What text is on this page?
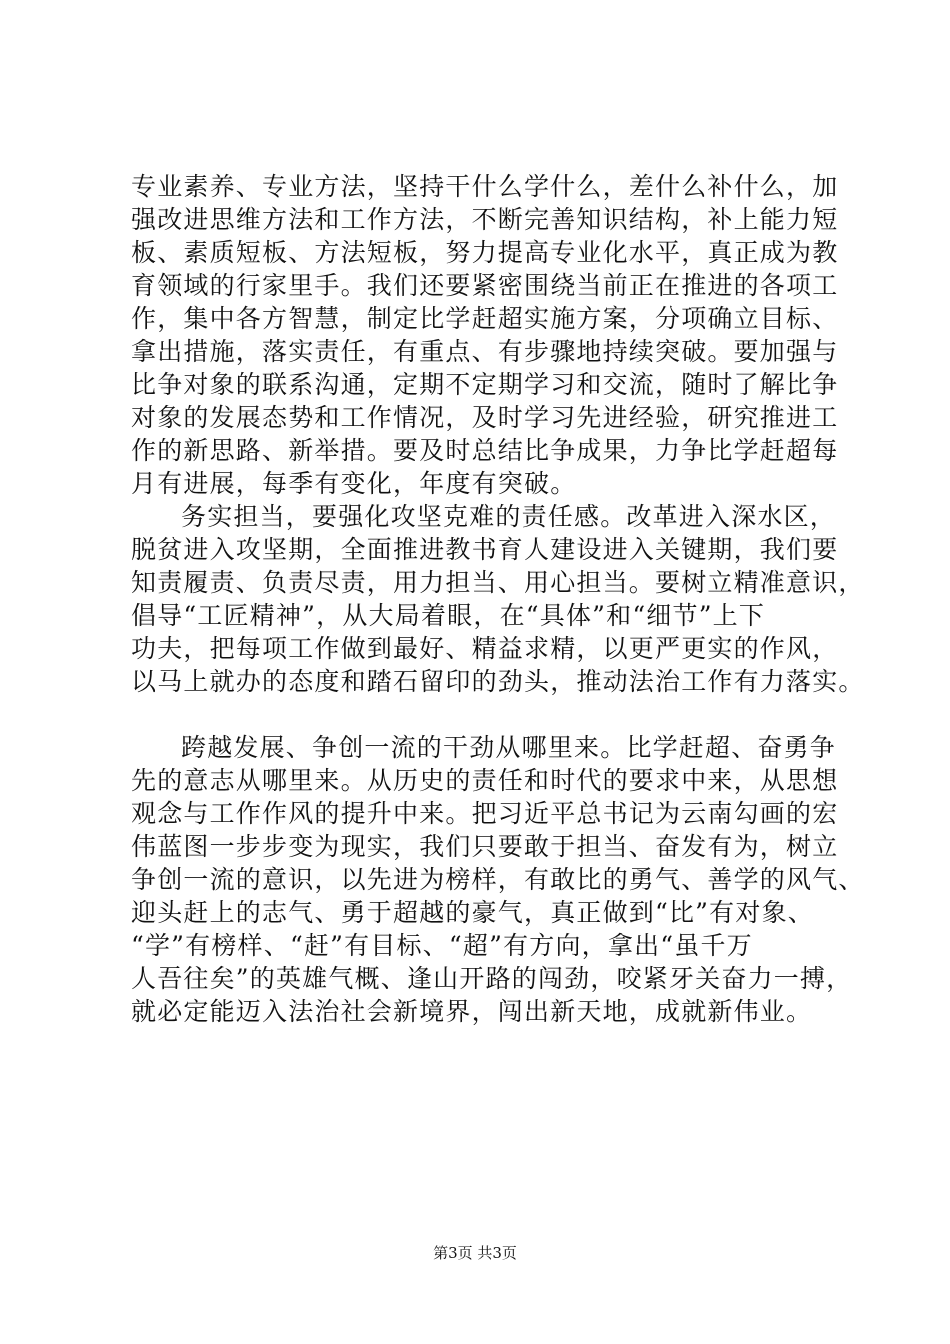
专业素养、专业方法，坚持干什么学什么，差什么补什么，加
强改进思维方法和工作方法，不断完善知识结构，补上能力短
板、素质短板、方法短板，努力提高专业化水平，真正成为教
育领域的行家里手。我们还要紧密围绕当前正在推进的各项工
作，集中各方智慧，制定比学赶超实施方案，分项确立目标、
拿出措施，落实责任，有重点、有步骤地持续突破。要加强与
比争对象的联系沟通，定期不定期学习和交流，随时了解比争
对象的发展态势和工作情况，及时学习先进经验，研究推进工
作的新思路、新举措。要及时总结比争成果，力争比学赶超每
月有进展，每季有变化，年度有突破。
务实担当，要强化攻坚克难的责任感。改革进入深水区，
脱贫进入攻坚期，全面推进教书育人建设进入关键期，我们要
知责履责、负责尽责，用力担当、用心担当。要树立精准意识，
倡导“工匠精神”，从大局着眼，在“具体”和“细节”上下
功夫，把每项工作做到最好、精益求精，以更严更实的作风，
以马上就办的态度和踏石留印的劲头，推动法治工作有力落实。
跨越发展、争创一流的干劲从哪里来。比学赶超、奋勇争
先的意志从哪里来。从历史的责任和时代的要求中来，从思想
观念与工作作风的提升中来。把习近平总书记为云南勾画的宏
伟蓝图一步步变为现实，我们只要敢于担当、奋发有为，树立
争创一流的意识，以先进为榜样，有敢比的勇气、善学的风气、
迎头赶上的志气、勇于超越的豪气，真正做到“比”有对象、
“学”有榜样、“赶”有目标、“超”有方向，拿出“虽千万
人吾往矣”的英雄气概、逢山开路的闯劲，咬紧牙关奋力一搏，
就必定能迈入法治社会新境界，闯出新天地，成就新伟业。
第3页 共3页
